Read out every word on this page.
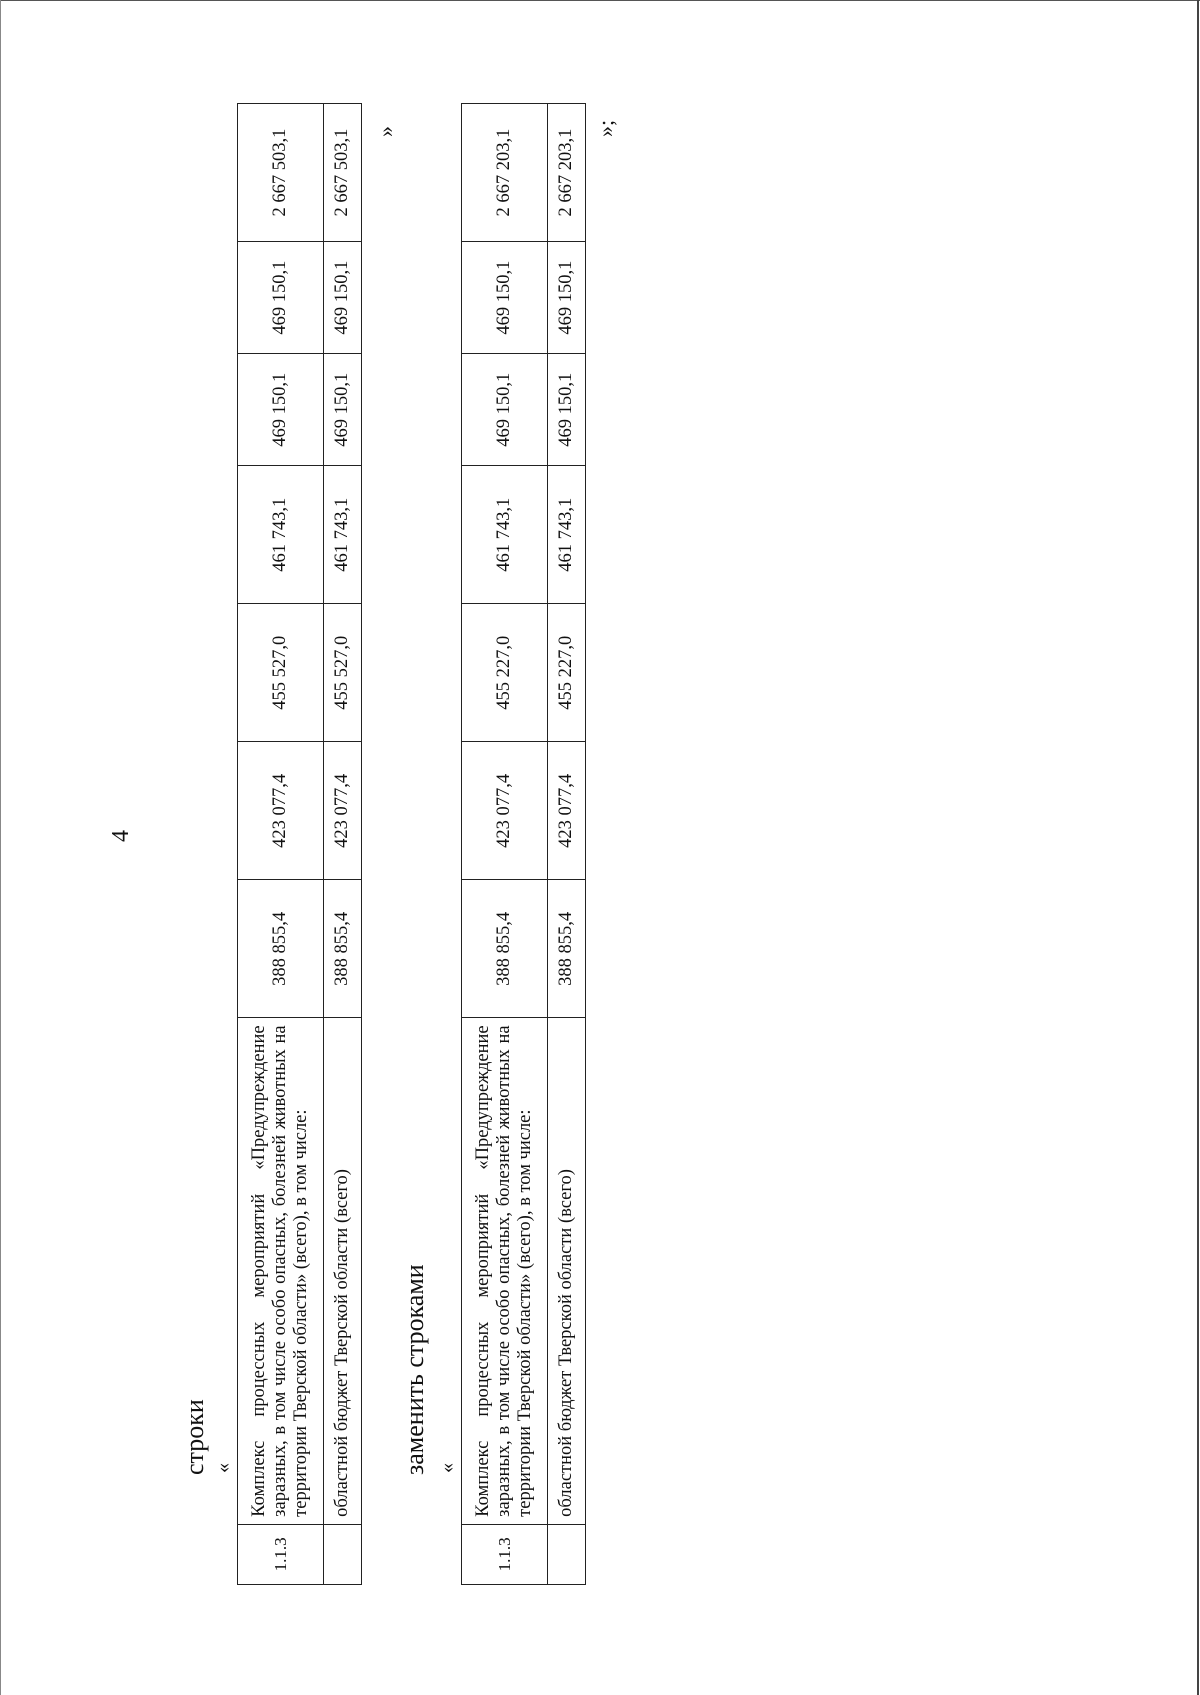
4
строки «
1.1.3	Комплекс процессных мероприятий «Предупреждение заразных, в том числе особо опасных, болезней животных на территории Тверской области» (всего), в том числе:	388 855,4	423 077,4	455 527,0	461 743,1	469 150,1	469 150,1	2 667 503,1
	областной бюджет Тверской области (всего)	388 855,4	423 077,4	455 527,0	461 743,1	469 150,1	469 150,1	2 667 503,1 »
заменить строками «
1.1.3	Комплекс процессных мероприятий «Предупреждение заразных, в том числе особо опасных, болезней животных на территории Тверской области» (всего), в том числе:	388 855,4	423 077,4	455 227,0	461 743,1	469 150,1	469 150,1	2 667 203,1
	областной бюджет Тверской области (всего)	388 855,4	423 077,4	455 227,0	461 743,1	469 150,1	469 150,1	2 667 203,1
»;
